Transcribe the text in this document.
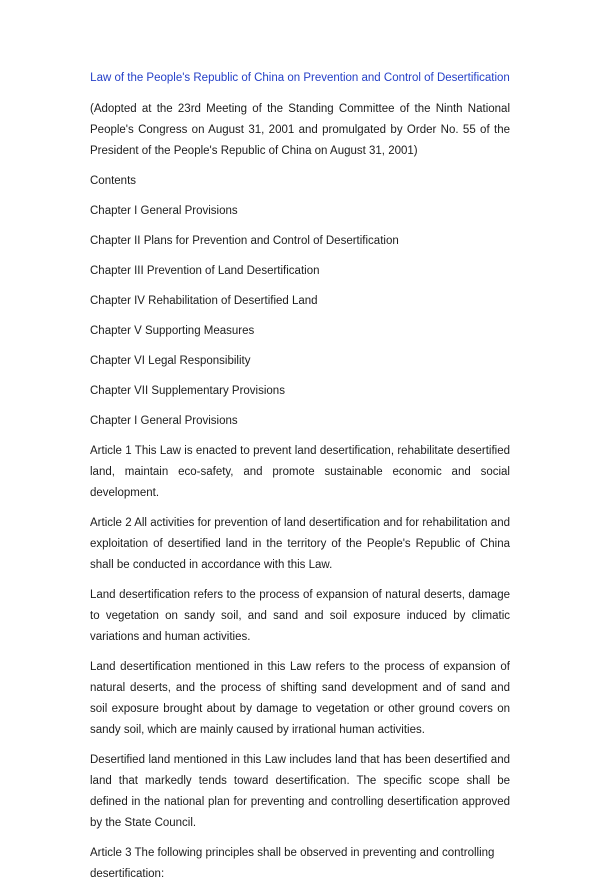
Law of the People's Republic of China on Prevention and Control of Desertification

(Adopted at the 23rd Meeting of the Standing Committee of the Ninth National People's Congress on August 31, 2001 and promulgated by Order No. 55 of the President of the People's Republic of China on August 31, 2001)

Contents

Chapter I General Provisions

Chapter II Plans for Prevention and Control of Desertification

Chapter III Prevention of Land Desertification

Chapter IV Rehabilitation of Desertified Land

Chapter V Supporting Measures

Chapter VI Legal Responsibility

Chapter VII Supplementary Provisions

Chapter I General Provisions

Article 1 This Law is enacted to prevent land desertification, rehabilitate desertified land, maintain eco-safety, and promote sustainable economic and social development.

Article 2 All activities for prevention of land desertification and for rehabilitation and exploitation of desertified land in the territory of the People's Republic of China shall be conducted in accordance with this Law.

Land desertification refers to the process of expansion of natural deserts, damage to vegetation on sandy soil, and sand and soil exposure induced by climatic variations and human activities.

Land desertification mentioned in this Law refers to the process of expansion of natural deserts, and the process of shifting sand development and of sand and soil exposure brought about by damage to vegetation or other ground covers on sandy soil, which are mainly caused by irrational human activities.

Desertified land mentioned in this Law includes land that has been desertified and land that markedly tends toward desertification. The specific scope shall be defined in the national plan for preventing and controlling desertification approved by the State Council.

Article 3 The following principles shall be observed in preventing and controlling desertification:
